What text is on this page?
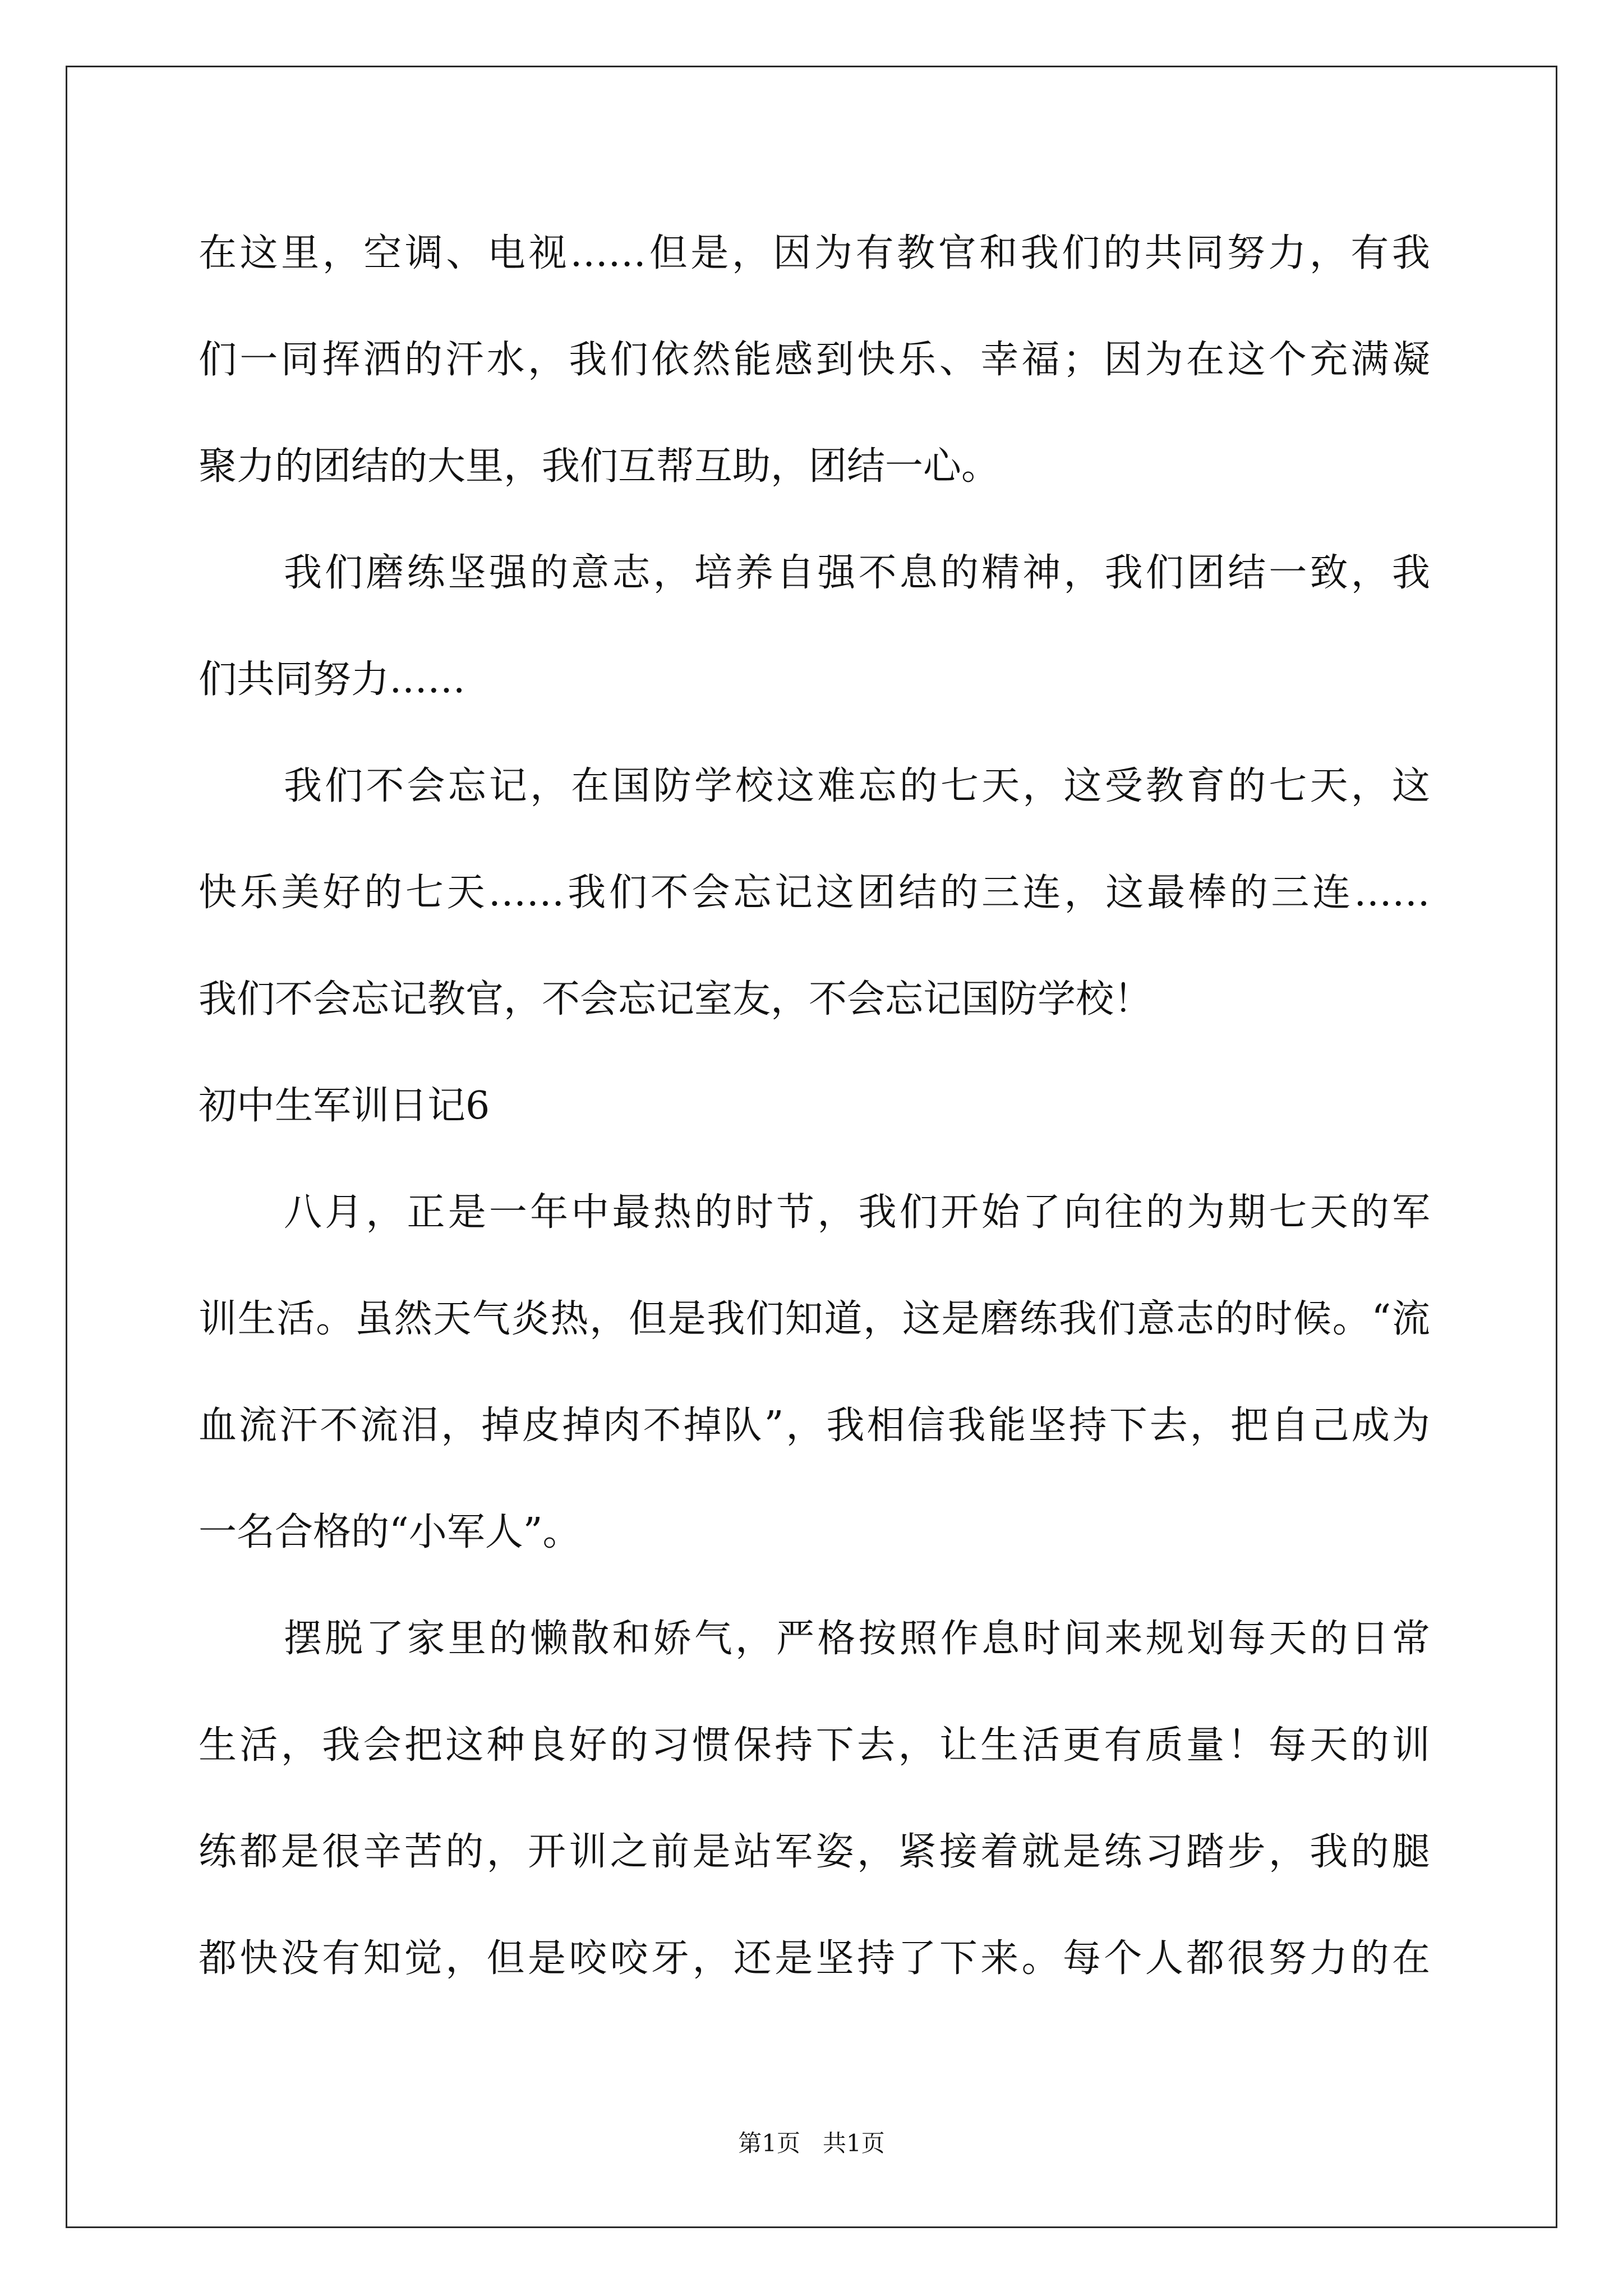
在这里，空调、电视……但是，因为有教官和我们的共同努力，有我
们一同挥洒的汗水，我们依然能感到快乐、幸福；因为在这个充满凝
聚力的团结的大里，我们互帮互助，团结一心。
我们磨练坚强的意志，培养自强不息的精神，我们团结一致，我
们共同努力……
我们不会忘记，在国防学校这难忘的七天，这受教育的七天，这
快乐美好的七天……我们不会忘记这团结的三连，这最棒的三连……
我们不会忘记教官，不会忘记室友，不会忘记国防学校！
初中生军训日记6
八月，正是一年中最热的时节，我们开始了向往的为期七天的军
训生活。虽然天气炎热，但是我们知道，这是磨练我们意志的时候。“流
血流汗不流泪，掉皮掉肉不掉队”，我相信我能坚持下去，把自己成为
一名合格的“小军人”。
摆脱了家里的懒散和娇气，严格按照作息时间来规划每天的日常
生活，我会把这种良好的习惯保持下去，让生活更有质量！每天的训
练都是很辛苦的，开训之前是站军姿，紧接着就是练习踏步，我的腿
都快没有知觉，但是咬咬牙，还是坚持了下来。每个人都很努力的在
第1页   共1页
